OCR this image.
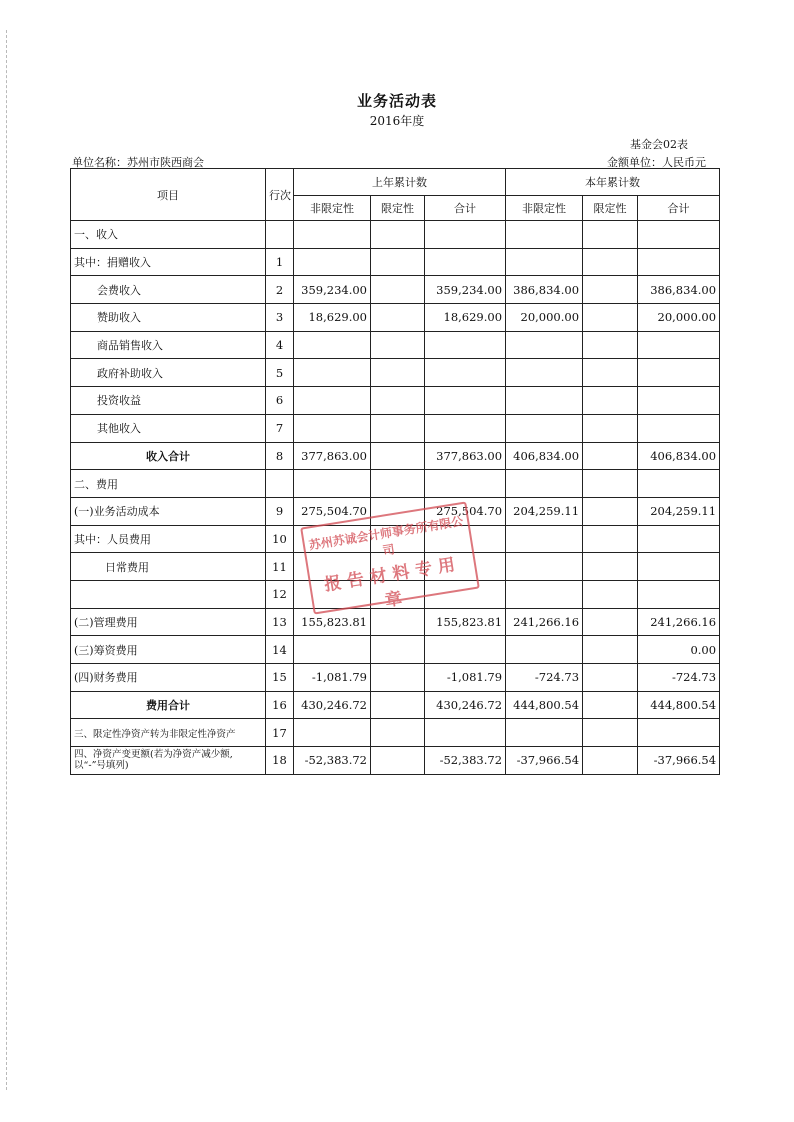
业务活动表
2016年度
基金会02表
单位名称：苏州市陕西商会	金额单位：人民币元
项目	行次	上年累计数			本年累计数		
		非限定性	限定性	合计	非限定性	限定性	合计
一、收入							
其中：捐赠收入	1						
会费收入	2	359,234.00		359,234.00	386,834.00		386,834.00
赞助收入	3	18,629.00		18,629.00	20,000.00		20,000.00
商品销售收入	4						
政府补助收入	5						
投资收益	6						
其他收入	7						
收入合计	8	377,863.00		377,863.00	406,834.00		406,834.00
二、费用							
(一)业务活动成本	9	275,504.70		275,504.70	204,259.11		204,259.11
其中：人员费用	10						
日常费用	11						
	12						
(二)管理费用	13	155,823.81		155,823.81	241,266.16		241,266.16
(三)筹资费用	14						0.00
(四)财务费用	15	-1,081.79		-1,081.79	-724.73		-724.73
费用合计	16	430,246.72		430,246.72	444,800.54		444,800.54
三、限定性净资产转为非限定性净资产	17						
四、净资产变更额(若为净资产减少额,以“-”号填列)	18	-52,383.72		-52,383.72	-37,966.54		-37,966.54
苏州苏诚会计师事务所有限公司
报告材料专用章
